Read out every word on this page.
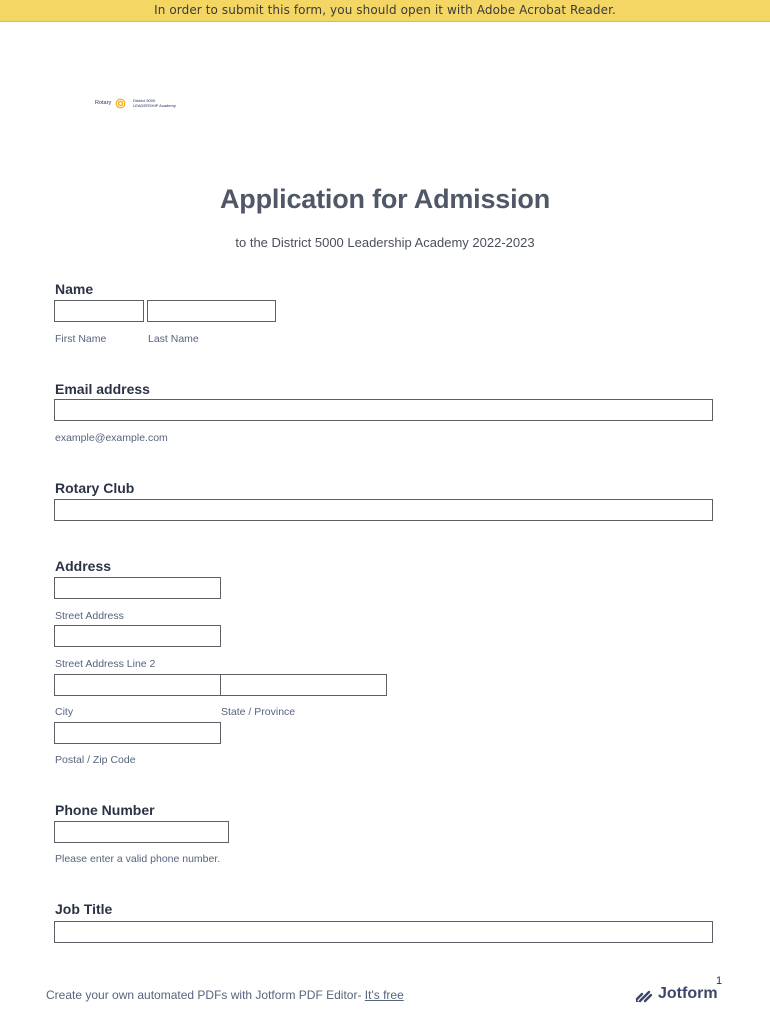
In order to submit this form, you should open it with Adobe Acrobat Reader.
Rotary	District 5000
LEADERSHIP Academy
Application for Admission
to the District 5000 Leadership Academy 2022-2023
Name
First Name	Last Name
Email address
example@example.com
Rotary Club
Address
Street Address
Street Address Line 2
City	State / Province
Postal / Zip Code
Phone Number
Please enter a valid phone number.
Job Title
1
Create your own automated PDFs with Jotform PDF Editor- It's free	Jotform
